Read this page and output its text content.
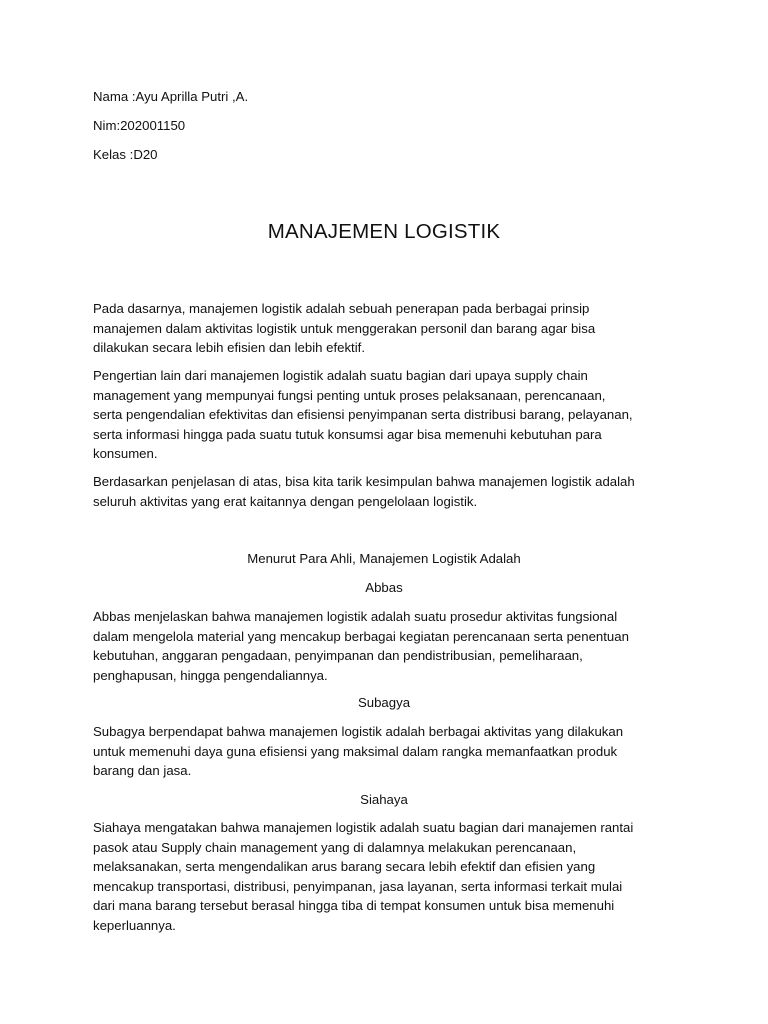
Nama :Ayu Aprilla Putri ,A.
Nim:202001150
Kelas :D20
MANAJEMEN LOGISTIK

Pada dasarnya, manajemen logistik adalah sebuah penerapan pada berbagai prinsip
manajemen dalam aktivitas logistik untuk menggerakan personil dan barang agar bisa
dilakukan secara lebih efisien dan lebih efektif.

Pengertian lain dari manajemen logistik adalah suatu bagian dari upaya supply chain
management yang mempunyai fungsi penting untuk proses pelaksanaan, perencanaan,
serta pengendalian efektivitas dan efisiensi penyimpanan serta distribusi barang, pelayanan,
serta informasi hingga pada suatu tutuk konsumsi agar bisa memenuhi kebutuhan para
konsumen.

Berdasarkan penjelasan di atas, bisa kita tarik kesimpulan bahwa manajemen logistik adalah
seluruh aktivitas yang erat kaitannya dengan pengelolaan logistik.

Menurut Para Ahli, Manajemen Logistik Adalah
Abbas

Abbas menjelaskan bahwa manajemen logistik adalah suatu prosedur aktivitas fungsional
dalam mengelola material yang mencakup berbagai kegiatan perencanaan serta penentuan
kebutuhan, anggaran pengadaan, penyimpanan dan pendistribusian, pemeliharaan,
penghapusan, hingga pengendaliannya.

Subagya

Subagya berpendapat bahwa manajemen logistik adalah berbagai aktivitas yang dilakukan
untuk memenuhi daya guna efisiensi yang maksimal dalam rangka memanfaatkan produk
barang dan jasa.

Siahaya

Siahaya mengatakan bahwa manajemen logistik adalah suatu bagian dari manajemen rantai
pasok atau Supply chain management yang di dalamnya melakukan perencanaan,
melaksanakan, serta mengendalikan arus barang secara lebih efektif dan efisien yang
mencakup transportasi, distribusi, penyimpanan, jasa layanan, serta informasi terkait mulai
dari mana barang tersebut berasal hingga tiba di tempat konsumen untuk bisa memenuhi
keperluannya.
